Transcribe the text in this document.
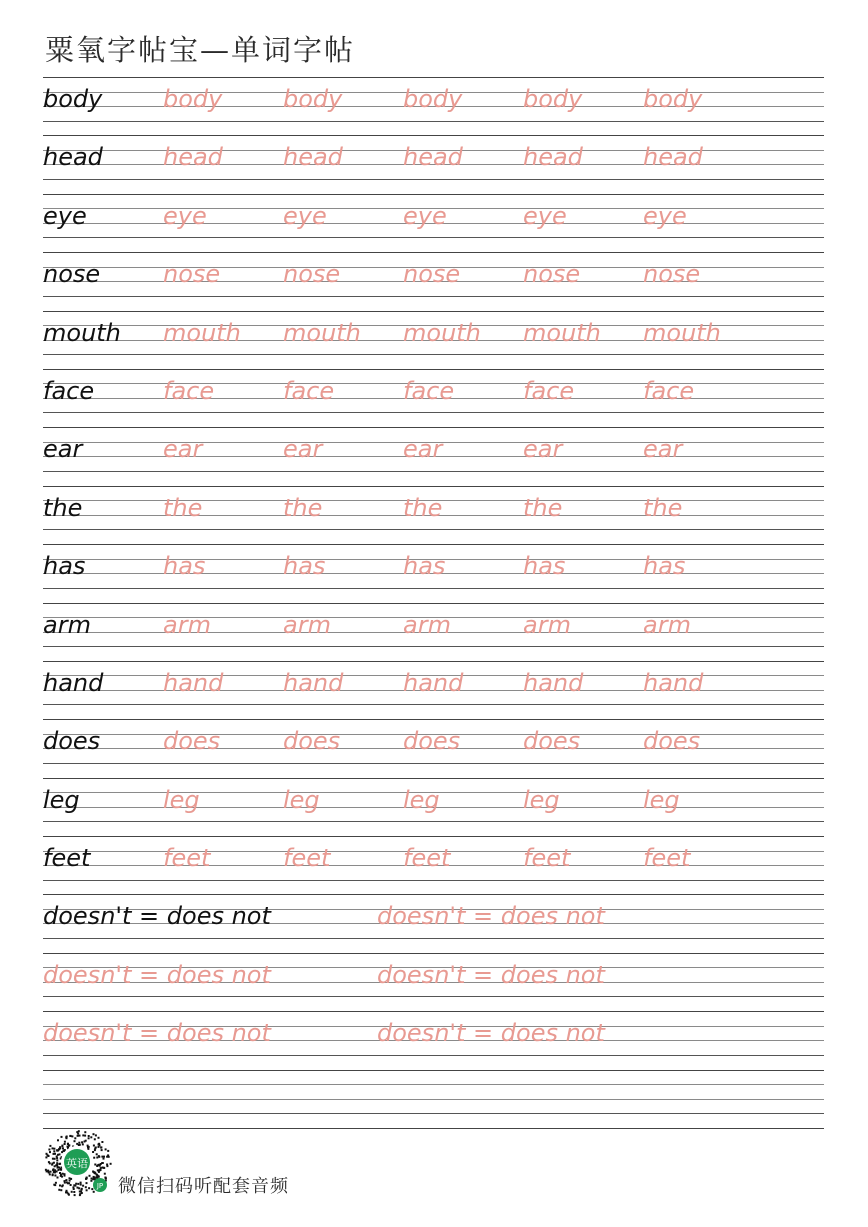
粟氧字帖宝—单词字帖
body	body	body	body	body	body
head	head	head	head	head	head
eye	eye	eye	eye	eye	eye
nose	nose	nose	nose	nose	nose
mouth mouth mouth mouth mouth mouth
face	face	face	face	face	face
ear	ear	ear	ear	ear	ear
the	the	the	the	the	the
has	has	has	has	has	has
arm	arm	arm	arm	arm	arm
hand hand hand hand hand hand
does	does	does	does	does	does
leg	leg	leg	leg	leg	leg
feet	feet	feet	feet	feet	feet
doesn't = does not	doesn't = does not
doesn't = does not	doesn't = does not
doesn't = does not	doesn't = does not
英语
JP 微信扫码听配套音频
